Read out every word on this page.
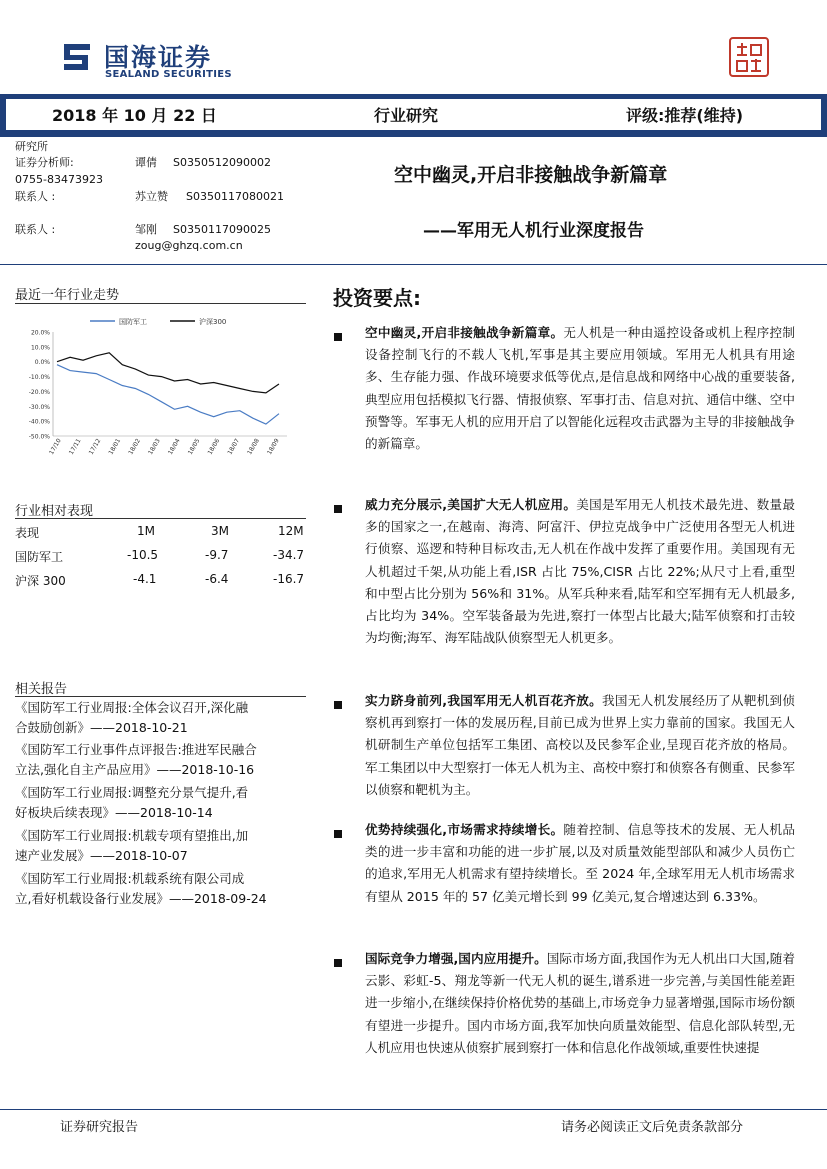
国海证券
SEALAND SECURITIES
2018 年 10 月 22 日	行业研究	评级:推荐(维持)
研究所
证券分析师:	谭倩 S0350512090002
0755-83473923
联系人 :	苏立赞 S0350117080021
联系人 :	邹刚 S0350117090025
zoug@ghzq.com.cn
空中幽灵,开启非接触战争新篇章
——军用无人机行业深度报告
最近一年行业走势
国防军工	沪深300
20.0%
10.0%
0.0%
-10.0%
-20.0%
-30.0%
-40.0%
-50.0%
17/10 17/11 17/12 18/01 18/02 18/03 18/04 18/05 18/06 18/07 18/08 18/09
行业相对表现
表现	1M	3M	12M
国防军工	-10.5	-9.7	-34.7
沪深 300	-4.1	-6.4	-16.7
相关报告
《国防军工行业周报:全体会议召开,深化融
合鼓励创新》——2018-10-21
《国防军工行业事件点评报告:推进军民融合
立法,强化自主产品应用》——2018-10-16
《国防军工行业周报:调整充分景气提升,看
好板块后续表现》——2018-10-14
《国防军工行业周报:机载专项有望推出,加
速产业发展》——2018-10-07
《国防军工行业周报:机载系统有限公司成
立,看好机载设备行业发展》——2018-09-24
投资要点:
空中幽灵,开启非接触战争新篇章。无人机是一种由遥控设备或机上程序控制设备控制飞行的不载人飞机,军事是其主要应用领域。军用无人机具有用途多、生存能力强、作战环境要求低等优点,是信息战和网络中心战的重要装备,典型应用包括模拟飞行器、情报侦察、军事打击、信息对抗、通信中继、空中预警等。军事无人机的应用开启了以智能化远程攻击武器为主导的非接触战争的新篇章。
威力充分展示,美国扩大无人机应用。美国是军用无人机技术最先进、数量最多的国家之一,在越南、海湾、阿富汗、伊拉克战争中广泛使用各型无人机进行侦察、巡逻和特种目标攻击,无人机在作战中发挥了重要作用。美国现有无人机超过千架,从功能上看,ISR 占比 75%,CISR 占比 22%;从尺寸上看,重型和中型占比分别为 56%和 31%。从军兵种来看,陆军和空军拥有无人机最多,占比均为 34%。空军装备最为先进,察打一体型占比最大;陆军侦察和打击较为均衡;海军、海军陆战队侦察型无人机更多。
实力跻身前列,我国军用无人机百花齐放。我国无人机发展经历了从靶机到侦察机再到察打一体的发展历程,目前已成为世界上实力靠前的国家。我国无人机研制生产单位包括军工集团、高校以及民参军企业,呈现百花齐放的格局。军工集团以中大型察打一体无人机为主、高校中察打和侦察各有侧重、民参军以侦察和靶机为主。
优势持续强化,市场需求持续增长。随着控制、信息等技术的发展、无人机品类的进一步丰富和功能的进一步扩展,以及对质量效能型部队和减少人员伤亡的追求,军用无人机需求有望持续增长。至 2024 年,全球军用无人机市场需求有望从 2015 年的 57 亿美元增长到 99 亿美元,复合增速达到 6.33%。
国际竞争力增强,国内应用提升。国际市场方面,我国作为无人机出口大国,随着云影、彩虹-5、翔龙等新一代无人机的诞生,谱系进一步完善,与美国性能差距进一步缩小,在继续保持价格优势的基础上,市场竞争力显著增强,国际市场份额有望进一步提升。国内市场方面,我军加快向质量效能型、信息化部队转型,无人机应用也快速从侦察扩展到察打一体和信息化作战领域,重要性快速提
证券研究报告	请务必阅读正文后免责条款部分
